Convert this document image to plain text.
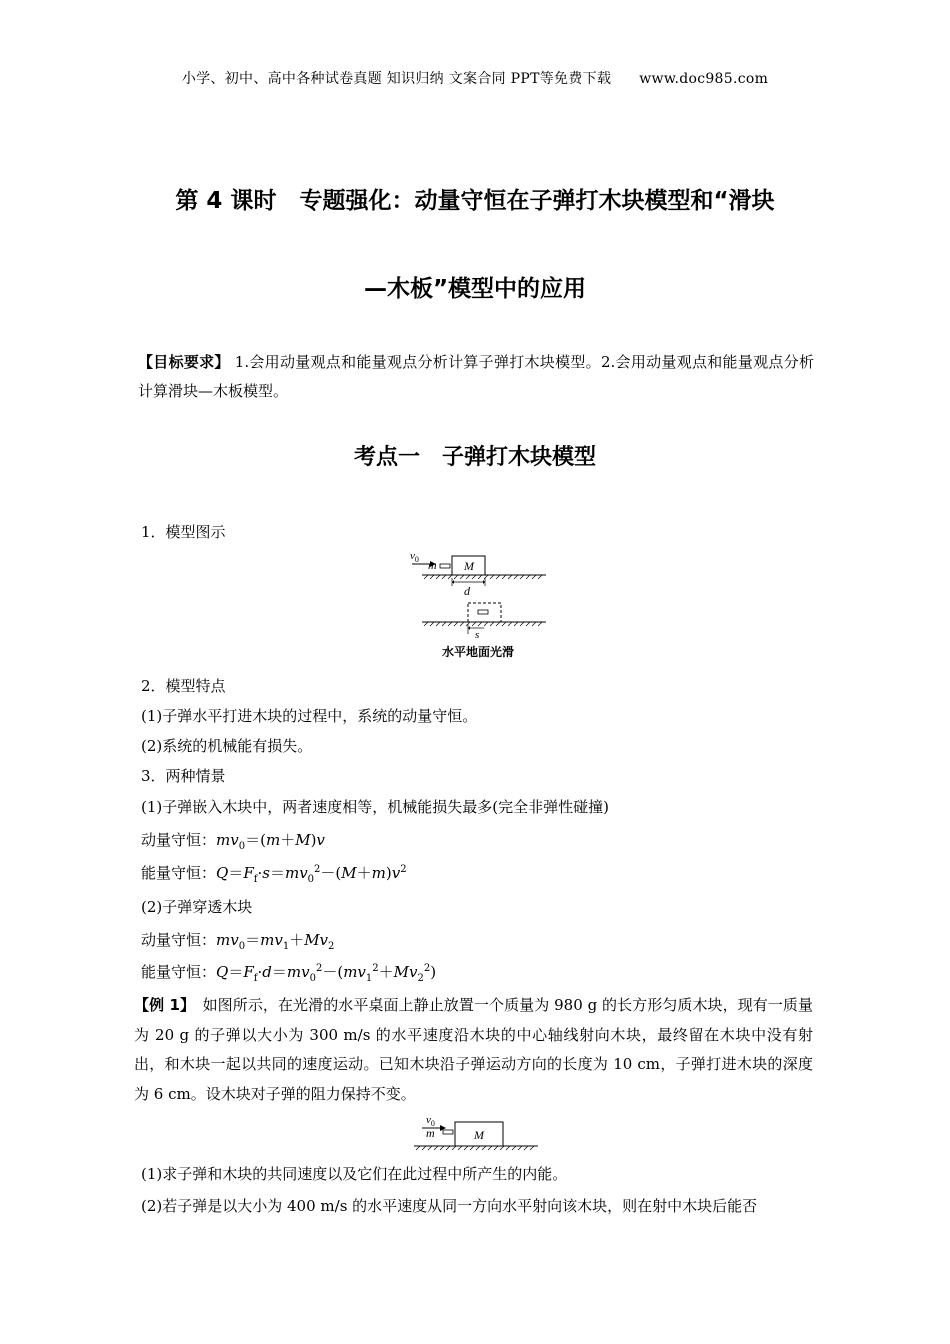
小学、初中、高中各种试卷真题 知识归纳 文案合同 PPT等免费下载 www.doc985.com
第 4 课时　专题强化：动量守恒在子弹打木块模型和“滑块
—木板”模型中的应用
【目标要求】 1.会用动量观点和能量观点分析计算子弹打木块模型。2.会用动量观点和能量观点分析计算滑块—木板模型。
考点一　子弹打木块模型
1．模型图示
$v_0$ m M
d
s
水平地面光滑
2．模型特点
(1)子弹水平打进木块的过程中，系统的动量守恒。
(2)系统的机械能有损失。
3．两种情景
(1)子弹嵌入木块中，两者速度相等，机械能损失最多(完全非弹性碰撞)
动量守恒：$mv_0=(m+M)v$
能量守恒：$Q=F_f\cdot s=mv_0^2-(M+m)v^2$
(2)子弹穿透木块
动量守恒：$mv_0=mv_1+Mv_2$
能量守恒：$Q=F_f\cdot d=mv_0^2-(mv_1^2+Mv_2^2)$
【例 1】　如图所示，在光滑的水平桌面上静止放置一个质量为 980 g 的长方形匀质木块，现有一质量为 20 g 的子弹以大小为 300 m/s 的水平速度沿木块的中心轴线射向木块，最终留在木块中没有射出，和木块一起以共同的速度运动。已知木块沿子弹运动方向的长度为 10 cm，子弹打进木块的深度为 6 cm。设木块对子弹的阻力保持不变。
$v_0$
m	M
(1)求子弹和木块的共同速度以及它们在此过程中所产生的内能。
(2)若子弹是以大小为 400 m/s 的水平速度从同一方向水平射向该木块，则在射中木块后能否
